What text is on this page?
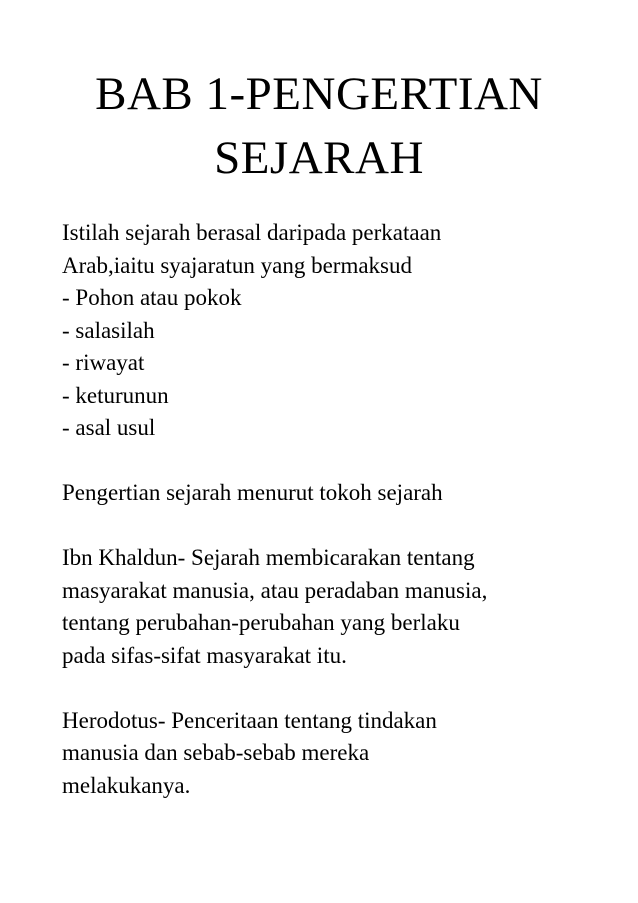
BAB 1-PENGERTIAN
SEJARAH
Istilah sejarah berasal daripada perkataan
Arab,iaitu syajaratun yang bermaksud
- Pohon atau pokok
- salasilah
- riwayat
- keturunun
- asal usul
Pengertian sejarah menurut tokoh sejarah
Ibn Khaldun- Sejarah membicarakan tentang
masyarakat manusia, atau peradaban manusia,
tentang perubahan-perubahan yang berlaku
pada sifas-sifat masyarakat itu.
Herodotus- Penceritaan tentang tindakan
manusia dan sebab-sebab mereka
melakukanya.
